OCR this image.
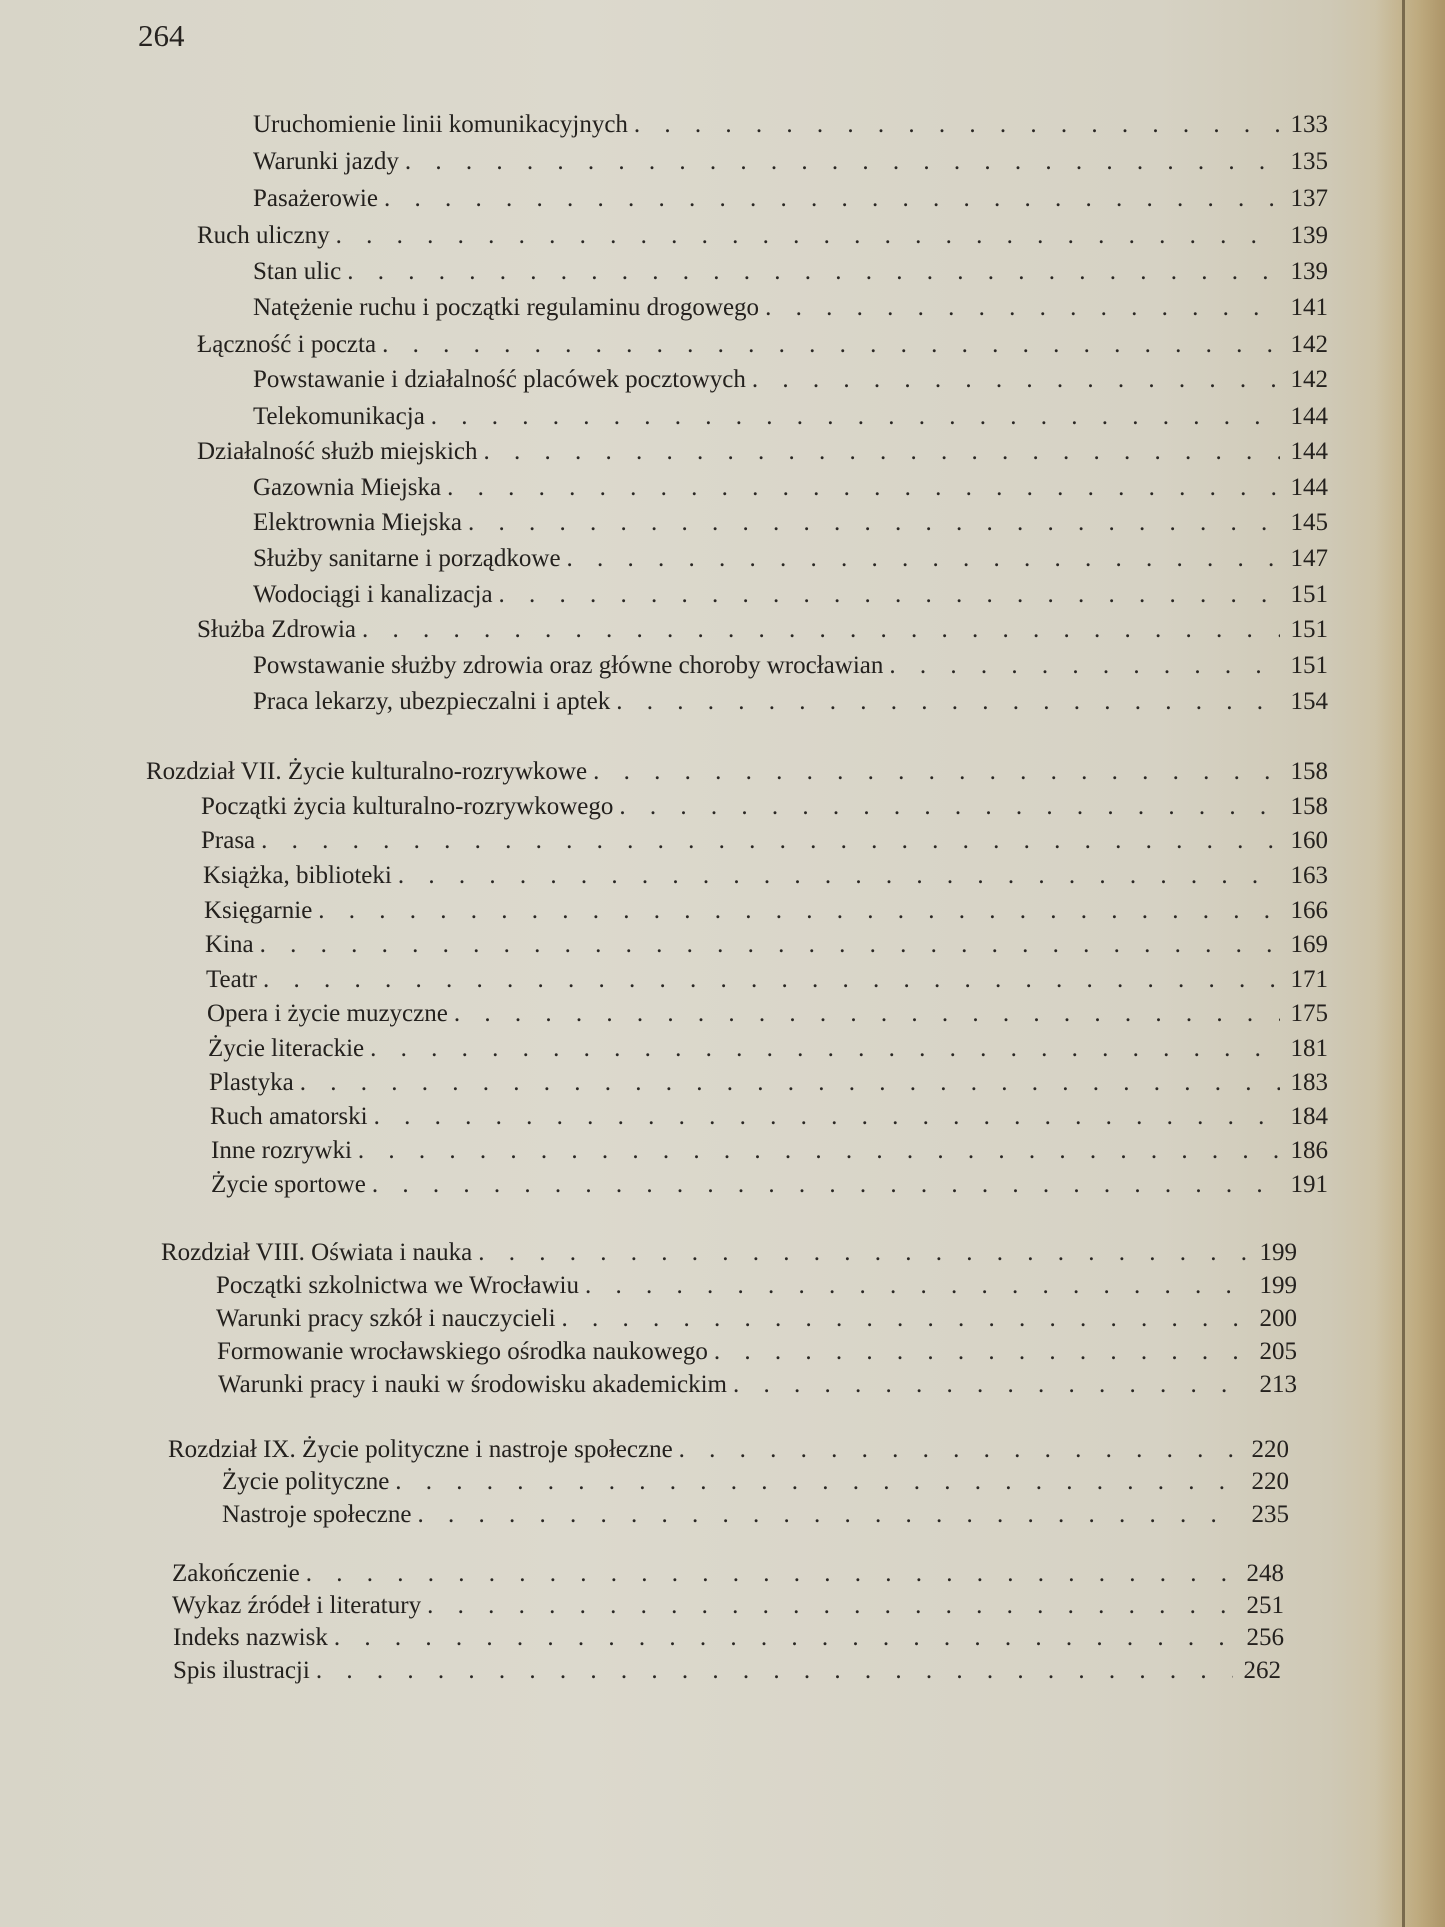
264
Uruchomienie linii komunikacyjnych . . .	133
Warunki jazdy . . .	135
Pasażerowie . . .	137
Ruch uliczny . . .	139
Stan ulic . . .	139
Natężenie ruchu i początki regulaminu drogowego . . .	141
Łączność i poczta . . .	142
Powstawanie i działalność placówek pocztowych . . .	142
Telekomunikacja . . .	144
Działalność służb miejskich . . .	144
Gazownia Miejska . . .	144
Elektrownia Miejska . . .	145
Służby sanitarne i porządkowe . . .	147
Wodociągi i kanalizacja . . .	151
Służba Zdrowia . . .	151
Powstawanie służby zdrowia oraz główne choroby wrocławian . . .	151
Praca lekarzy, ubezpieczalni i aptek . . .	154
Rozdział VII. Życie kulturalno-rozrywkowe . . .	158
Początki życia kulturalno-rozrywkowego . . .	158
Prasa . . .	160
Książka, biblioteki . . .	163
Księgarnie . . .	166
Kina . . .	169
Teatr . . .	171
Opera i życie muzyczne . . .	175
Życie literackie . . .	181
Plastyka . . .	183
Ruch amatorski . . .	184
Inne rozrywki . . .	186
Życie sportowe . . .	191
Rozdział VIII. Oświata i nauka . . .	199
Początki szkolnictwa we Wrocławiu . . .	199
Warunki pracy szkół i nauczycieli . . .	200
Formowanie wrocławskiego ośrodka naukowego . . .	205
Warunki pracy i nauki w środowisku akademickim . . .	213
Rozdział IX. Życie polityczne i nastroje społeczne . . .	220
Życie polityczne . . .	220
Nastroje społeczne . . .	235
Zakończenie . . .	248
Wykaz źródeł i literatury . . .	251
Indeks nazwisk . . .	256
Spis ilustracji . . .	262
